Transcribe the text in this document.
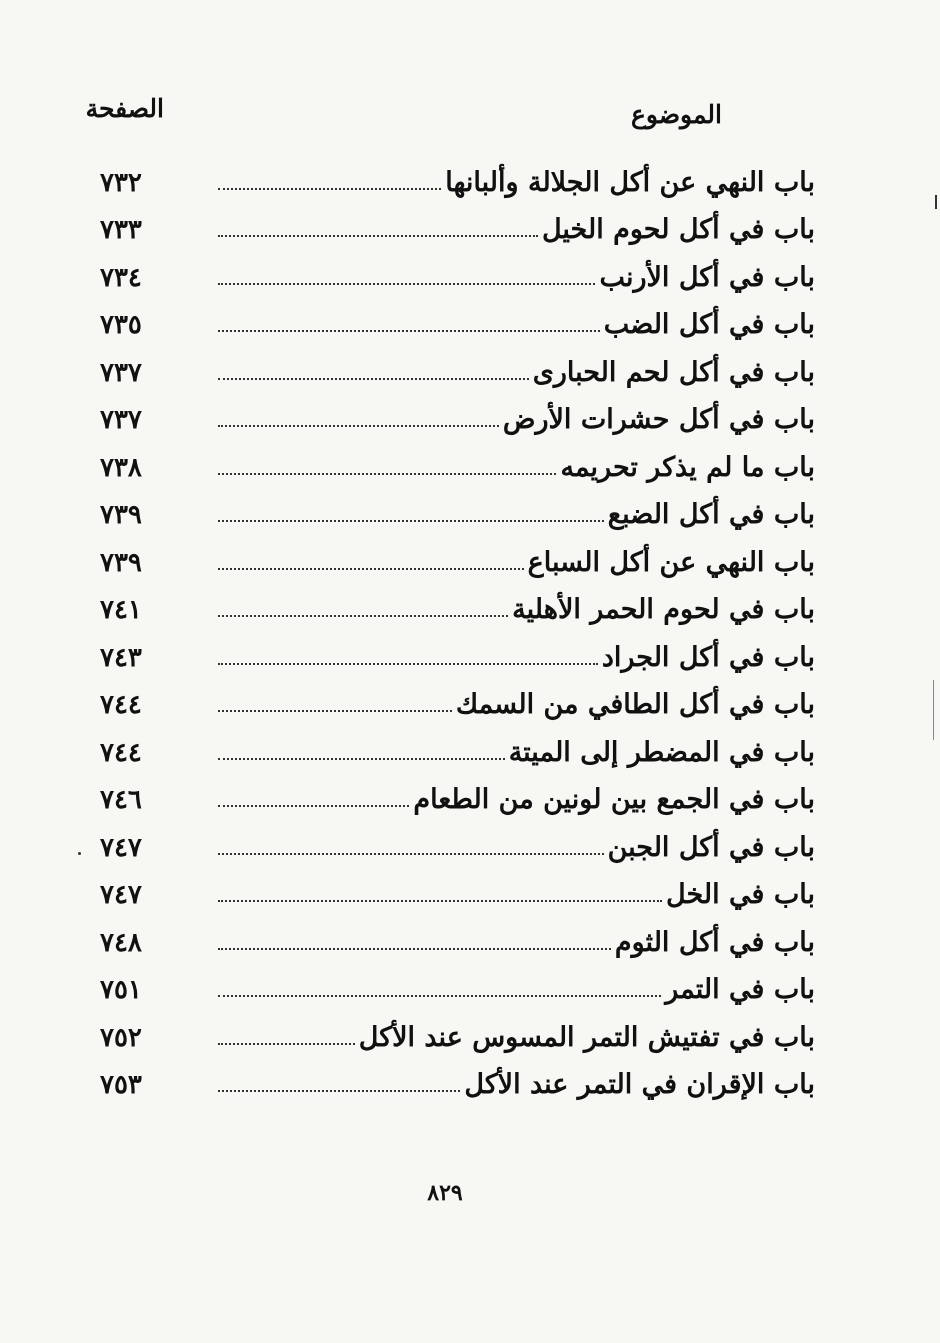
الموضوع
الصفحة
باب النهي عن أكل الجلالة وألبانها
٧٣٢
باب في أكل لحوم الخيل
٧٣٣
باب في أكل الأرنب
٧٣٤
باب في أكل الضب
٧٣٥
باب في أكل لحم الحبارى
٧٣٧
باب في أكل حشرات الأرض
٧٣٧
باب ما لم يذكر تحريمه
٧٣٨
باب في أكل الضبع
٧٣٩
باب النهي عن أكل السباع
٧٣٩
باب في لحوم الحمر الأهلية
٧٤١
باب في أكل الجراد
٧٤٣
باب في أكل الطافي من السمك
٧٤٤
باب في المضطر إلى الميتة
٧٤٤
باب في الجمع بين لونين من الطعام
٧٤٦
باب في أكل الجبن
٧٤٧
باب في الخل
٧٤٧
باب في أكل الثوم
٧٤٨
باب في التمر
٧٥١
باب في تفتيش التمر المسوس عند الأكل
٧٥٢
باب الإقران في التمر عند الأكل
٧٥٣
٨٢٩
